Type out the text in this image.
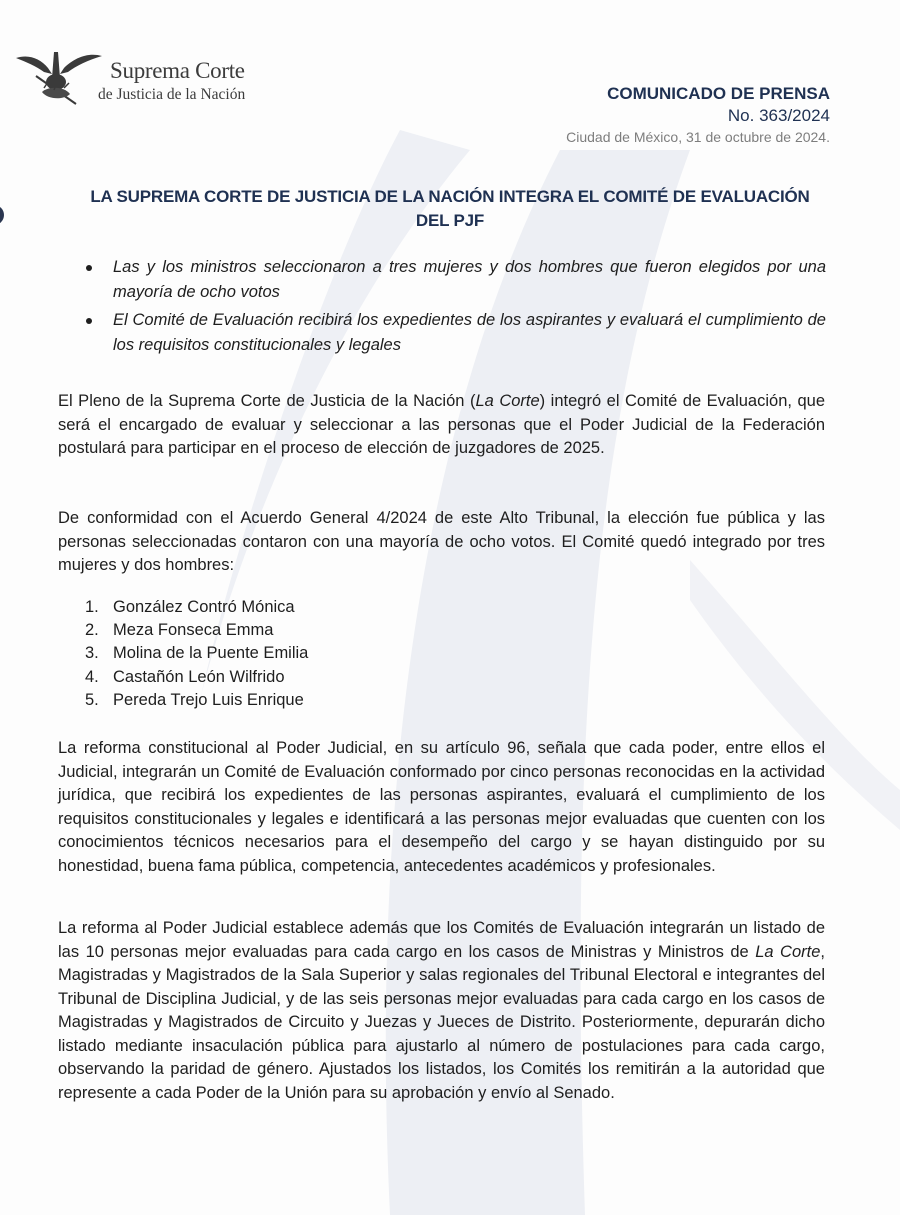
Suprema Corte
de Justicia de la Nación	COMUNICADO DE PRENSA
No. 363/2024
Ciudad de México, 31 de octubre de 2024.
LA SUPREMA CORTE DE JUSTICIA DE LA NACIÓN INTEGRA EL COMITÉ DE EVALUACIÓN
DEL PJF
Las y los ministros seleccionaron a tres mujeres y dos hombres que fueron elegidos por una mayoría de ocho votos
El Comité de Evaluación recibirá los expedientes de los aspirantes y evaluará el cumplimiento de los requisitos constitucionales y legales

El Pleno de la Suprema Corte de Justicia de la Nación (La Corte) integró el Comité de Evaluación, que será el encargado de evaluar y seleccionar a las personas que el Poder Judicial de la Federación postulará para participar en el proceso de elección de juzgadores de 2025.

De conformidad con el Acuerdo General 4/2024 de este Alto Tribunal, la elección fue pública y las personas seleccionadas contaron con una mayoría de ocho votos. El Comité quedó integrado por tres mujeres y dos hombres:

1. González Contró Mónica
2. Meza Fonseca Emma
3. Molina de la Puente Emilia
4. Castañón León Wilfrido
5. Pereda Trejo Luis Enrique

La reforma constitucional al Poder Judicial, en su artículo 96, señala que cada poder, entre ellos el Judicial, integrarán un Comité de Evaluación conformado por cinco personas reconocidas en la actividad jurídica, que recibirá los expedientes de las personas aspirantes, evaluará el cumplimiento de los requisitos constitucionales y legales e identificará a las personas mejor evaluadas que cuenten con los conocimientos técnicos necesarios para el desempeño del cargo y se hayan distinguido por su honestidad, buena fama pública, competencia, antecedentes académicos y profesionales.

La reforma al Poder Judicial establece además que los Comités de Evaluación integrarán un listado de las 10 personas mejor evaluadas para cada cargo en los casos de Ministras y Ministros de La Corte, Magistradas y Magistrados de la Sala Superior y salas regionales del Tribunal Electoral e integrantes del Tribunal de Disciplina Judicial, y de las seis personas mejor evaluadas para cada cargo en los casos de Magistradas y Magistrados de Circuito y Juezas y Jueces de Distrito. Posteriormente, depurarán dicho listado mediante insaculación pública para ajustarlo al número de postulaciones para cada cargo, observando la paridad de género. Ajustados los listados, los Comités los remitirán a la autoridad que represente a cada Poder de la Unión para su aprobación y envío al Senado.
